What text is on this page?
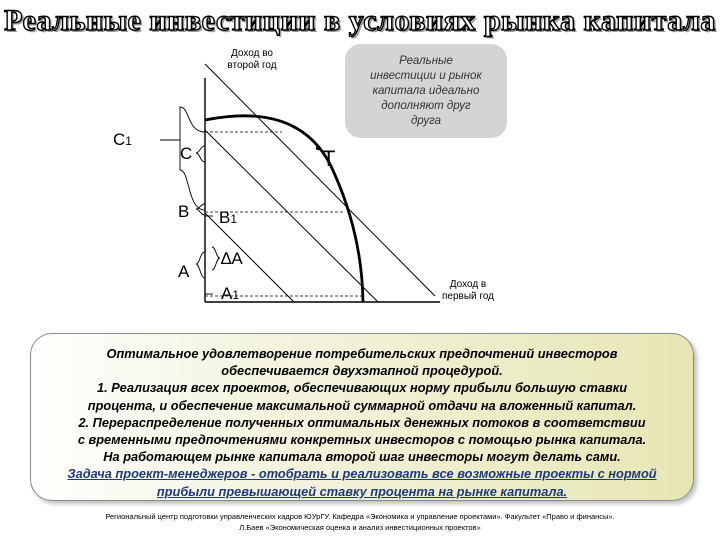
Реальные инвестиции в условиях рынка капитала
Доход во
второй год
Доход в
первый год
T
C1
C
B B1
A
∆A
A1
Реальные
инвестиции и рынок
капитала идеально
дополняют друг
друга
Оптимальное удовлетворение потребительских предпочтений инвесторов
обеспечивается двухэтапной процедурой.
1. Реализация всех проектов, обеспечивающих норму прибыли большую ставки
процента, и обеспечение максимальной суммарной отдачи на вложенный капитал.
2. Перераспределение полученных оптимальных денежных потоков в соответствии
с временными предпочтениями конкретных инвесторов с помощью рынка капитала.
На работающем рынке капитала второй шаг инвесторы могут делать сами.
Задача проект-менеджеров - отобрать и реализовать все возможные проекты с нормой
прибыли превышающей ставку процента на рынке капитала.
Региональный центр подготовки управленческих кадров ЮУрГУ. Кафедра «Экономика и управление проектами». Факультет «Право и финансы».
Л.Баев «Экономическая оценка и анализ инвестиционных проектов»
